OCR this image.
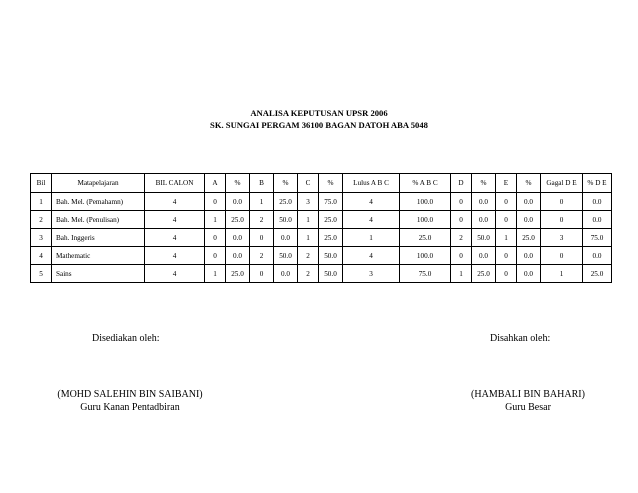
ANALISA KEPUTUSAN UPSR 2006
SK. SUNGAI PERGAM 36100 BAGAN DATOH ABA 5048
Bil	Matapelajaran	BIL CALON	A	%	B	%	C	%	Lulus A B C	% A B C	D	%	E	%	Gagal D E	% D E
1	Bah. Mel. (Pemahamn)	4	0	0.0	1	25.0	3	75.0	4	100.0	0	0.0	0	0.0	0	0.0
2	Bah. Mel. (Penulisan)	4	1	25.0	2	50.0	1	25.0	4	100.0	0	0.0	0	0.0	0	0.0
3	Bah. Inggeris	4	0	0.0	0	0.0	1	25.0	1	25.0	2	50.0	1	25.0	3	75.0
4	Mathematic	4	0	0.0	2	50.0	2	50.0	4	100.0	0	0.0	0	0.0	0	0.0
5	Sains	4	1	25.0	0	0.0	2	50.0	3	75.0	1	25.0	0	0.0	1	25.0
Disediakan oleh:	Disahkan oleh:
(MOHD SALEHIN BIN SAIBANI)
Guru Kanan Pentadbiran
(HAMBALI BIN BAHARI)
Guru Besar
